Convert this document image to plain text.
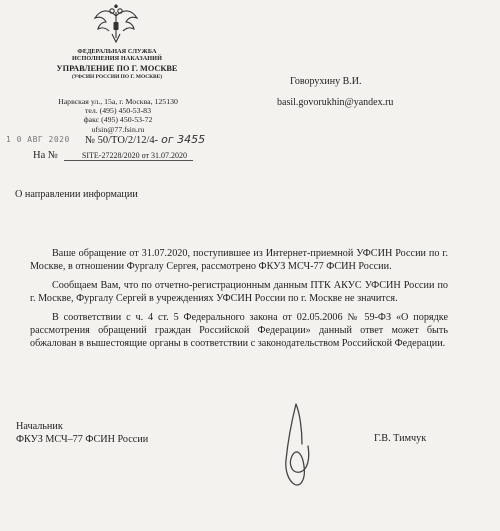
ФЕДЕРАЛЬНАЯ СЛУЖБА
ИСПОЛНЕНИЯ НАКАЗАНИЙ
УПРАВЛЕНИЕ ПО Г. МОСКВЕ
(УФСИН РОССИИ ПО Г. МОСКВЕ)
Нарвская ул., 15а, г. Москва, 125130
тел. (495) 450-53-83
факс (495) 450-53-72
ufsin@77.fsin.ru
1 0 АВГ 2020 № 50/ТО/2/12/4- ог 3455
На №	SITE-27228/2020 от 31.07.2020
Говорухину В.И.
basil.govorukhin@yandex.ru
О направлении информации

Ваше обращение от 31.07.2020, поступившее из Интернет-приемной УФСИН России по г. Москве, в отношении Фургалу Сергея, рассмотрено ФКУЗ МСЧ-77 ФСИН России.

Сообщаем Вам, что по отчетно-регистрационным данным ПТК АКУС УФСИН России по г. Москве, Фургалу Сергей в учреждениях УФСИН России по г. Москве не значится.

В соответствии с ч. 4 ст. 5 Федерального закона от 02.05.2006 № 59-ФЗ «О порядке рассмотрения обращений граждан Российской Федерации» данный ответ может быть обжалован в вышестоящие органы в соответствии с законодательством Российской Федерации.

Начальник
ФКУЗ МСЧ–77 ФСИН России	Г.В. Тимчук
